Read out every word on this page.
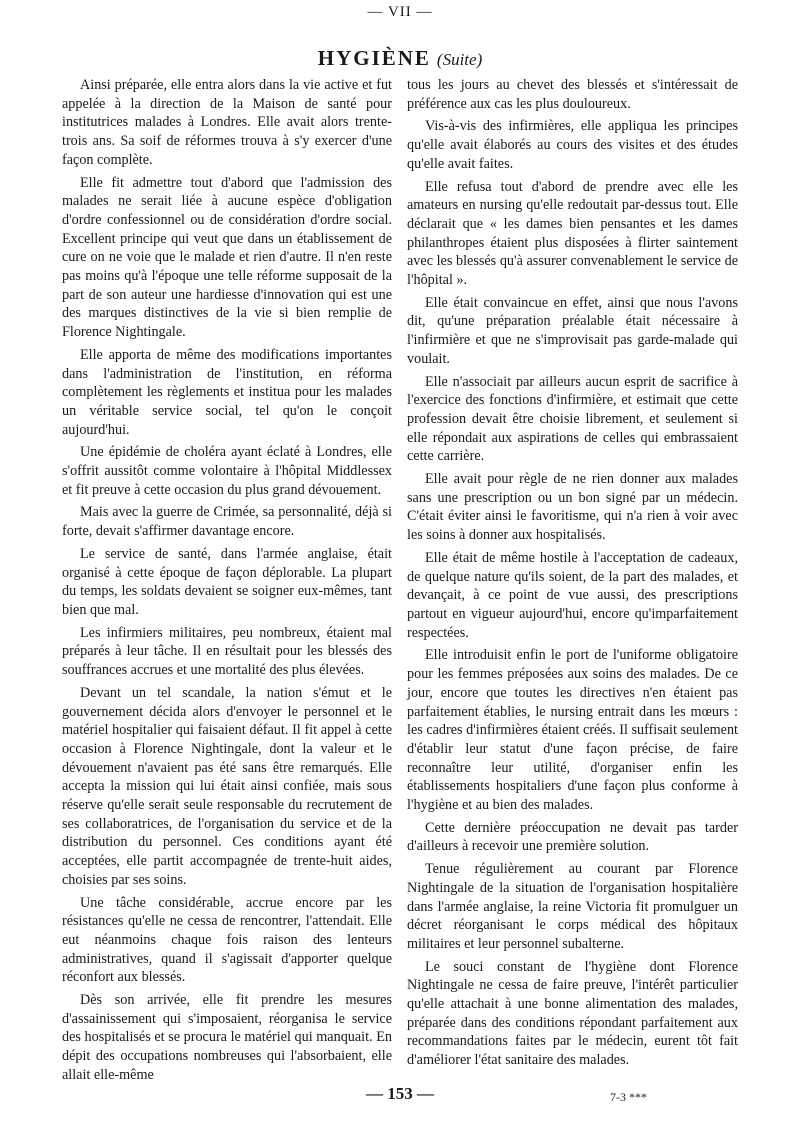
— VII —
HYGIÈNE (Suite)

Ainsi préparée, elle entra alors dans la vie active et fut appelée à la direction de la Maison de santé pour institutrices malades à Londres. Elle avait alors trente-trois ans. Sa soif de réformes trouva à s'y exercer d'une façon complète.

Elle fit admettre tout d'abord que l'admission des malades ne serait liée à aucune espèce d'obligation d'ordre confessionnel ou de considération d'ordre social. Excellent principe qui veut que dans un établissement de cure on ne voie que le malade et rien d'autre. Il n'en reste pas moins qu'à l'époque une telle réforme supposait de la part de son auteur une hardiesse d'innovation qui est une des marques distinctives de la vie si bien remplie de Florence Nightingale.

Elle apporta de même des modifications importantes dans l'administration de l'institution, en réforma complètement les règlements et institua pour les malades un véritable service social, tel qu'on le conçoit aujourd'hui.

Une épidémie de choléra ayant éclaté à Londres, elle s'offrit aussitôt comme volontaire à l'hôpital Middlessex et fit preuve à cette occasion du plus grand dévouement.

Mais avec la guerre de Crimée, sa personnalité, déjà si forte, devait s'affirmer davantage encore.

Le service de santé, dans l'armée anglaise, était organisé à cette époque de façon déplorable. La plupart du temps, les soldats devaient se soigner eux-mêmes, tant bien que mal.

Les infirmiers militaires, peu nombreux, étaient mal préparés à leur tâche. Il en résultait pour les blessés des souffrances accrues et une mortalité des plus élevées.

Devant un tel scandale, la nation s'émut et le gouvernement décida alors d'envoyer le personnel et le matériel hospitalier qui faisaient défaut. Il fit appel à cette occasion à Florence Nightingale, dont la valeur et le dévouement n'avaient pas été sans être remarqués. Elle accepta la mission qui lui était ainsi confiée, mais sous réserve qu'elle serait seule responsable du recrutement de ses collaboratrices, de l'organisation du service et de la distribution du personnel. Ces conditions ayant été acceptées, elle partit accompagnée de trente-huit aides, choisies par ses soins.

Une tâche considérable, accrue encore par les résistances qu'elle ne cessa de rencontrer, l'attendait. Elle eut néanmoins chaque fois raison des lenteurs administratives, quand il s'agissait d'apporter quelque réconfort aux blessés.

Dès son arrivée, elle fit prendre les mesures d'assainissement qui s'imposaient, réorganisa le service des hospitalisés et se procura le matériel qui manquait. En dépit des occupations nombreuses qui l'absorbaient, elle allait elle-même

tous les jours au chevet des blessés et s'intéressait de préférence aux cas les plus douloureux.

Vis-à-vis des infirmières, elle appliqua les principes qu'elle avait élaborés au cours des visites et des études qu'elle avait faites.

Elle refusa tout d'abord de prendre avec elle les amateurs en nursing qu'elle redoutait par-dessus tout. Elle déclarait que « les dames bien pensantes et les dames philanthropes étaient plus disposées à flirter saintement avec les blessés qu'à assurer convenablement le service de l'hôpital ».

Elle était convaincue en effet, ainsi que nous l'avons dit, qu'une préparation préalable était nécessaire à l'infirmière et que ne s'improvisait pas garde-malade qui voulait.

Elle n'associait par ailleurs aucun esprit de sacrifice à l'exercice des fonctions d'infirmière, et estimait que cette profession devait être choisie librement, et seulement si elle répondait aux aspirations de celles qui embrassaient cette carrière.

Elle avait pour règle de ne rien donner aux malades sans une prescription ou un bon signé par un médecin. C'était éviter ainsi le favoritisme, qui n'a rien à voir avec les soins à donner aux hospitalisés.

Elle était de même hostile à l'acceptation de cadeaux, de quelque nature qu'ils soient, de la part des malades, et devançait, à ce point de vue aussi, des prescriptions partout en vigueur aujourd'hui, encore qu'imparfaitement respectées.

Elle introduisit enfin le port de l'uniforme obligatoire pour les femmes préposées aux soins des malades. De ce jour, encore que toutes les directives n'en étaient pas parfaitement établies, le nursing entrait dans les mœurs : les cadres d'infirmières étaient créés. Il suffisait seulement d'établir leur statut d'une façon précise, de faire reconnaître leur utilité, d'organiser enfin les établissements hospitaliers d'une façon plus conforme à l'hygiène et au bien des malades.

Cette dernière préoccupation ne devait pas tarder d'ailleurs à recevoir une première solution.

Tenue régulièrement au courant par Florence Nightingale de la situation de l'organisation hospitalière dans l'armée anglaise, la reine Victoria fit promulguer un décret réorganisant le corps médical des hôpitaux militaires et leur personnel subalterne.

Le souci constant de l'hygiène dont Florence Nightingale ne cessa de faire preuve, l'intérêt particulier qu'elle attachait à une bonne alimentation des malades, préparée dans des conditions répondant parfaitement aux recommandations faites par le médecin, eurent tôt fait d'améliorer l'état sanitaire des malades.

— 153 —	7-3 ***
